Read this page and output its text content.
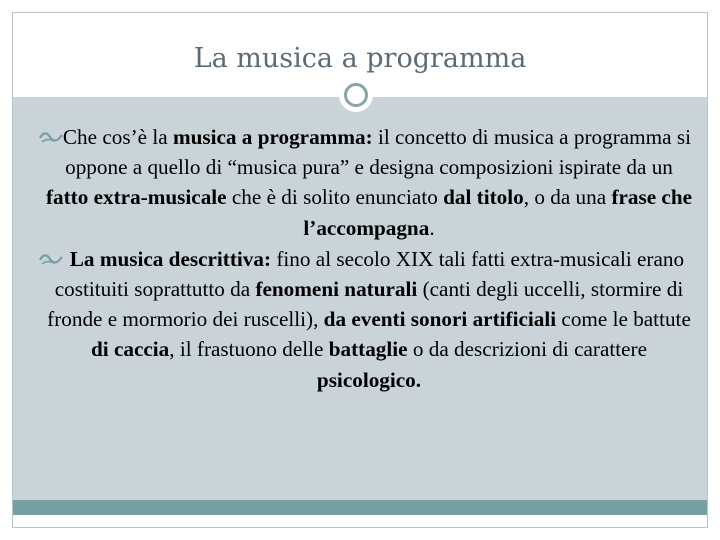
La musica a programma

Che cos’è la musica a programma: il concetto di musica a programma si oppone a quello di “musica pura” e designa composizioni ispirate da un fatto extra-musicale che è di solito enunciato dal titolo, o da una frase che l’accompagna.

La musica descrittiva: fino al secolo XIX tali fatti extra-musicali erano costituiti soprattutto da fenomeni naturali (canti degli uccelli, stormire di fronde e mormorio dei ruscelli), da eventi sonori artificiali come le battute di caccia, il frastuono delle battaglie o da descrizioni di carattere psicologico.
